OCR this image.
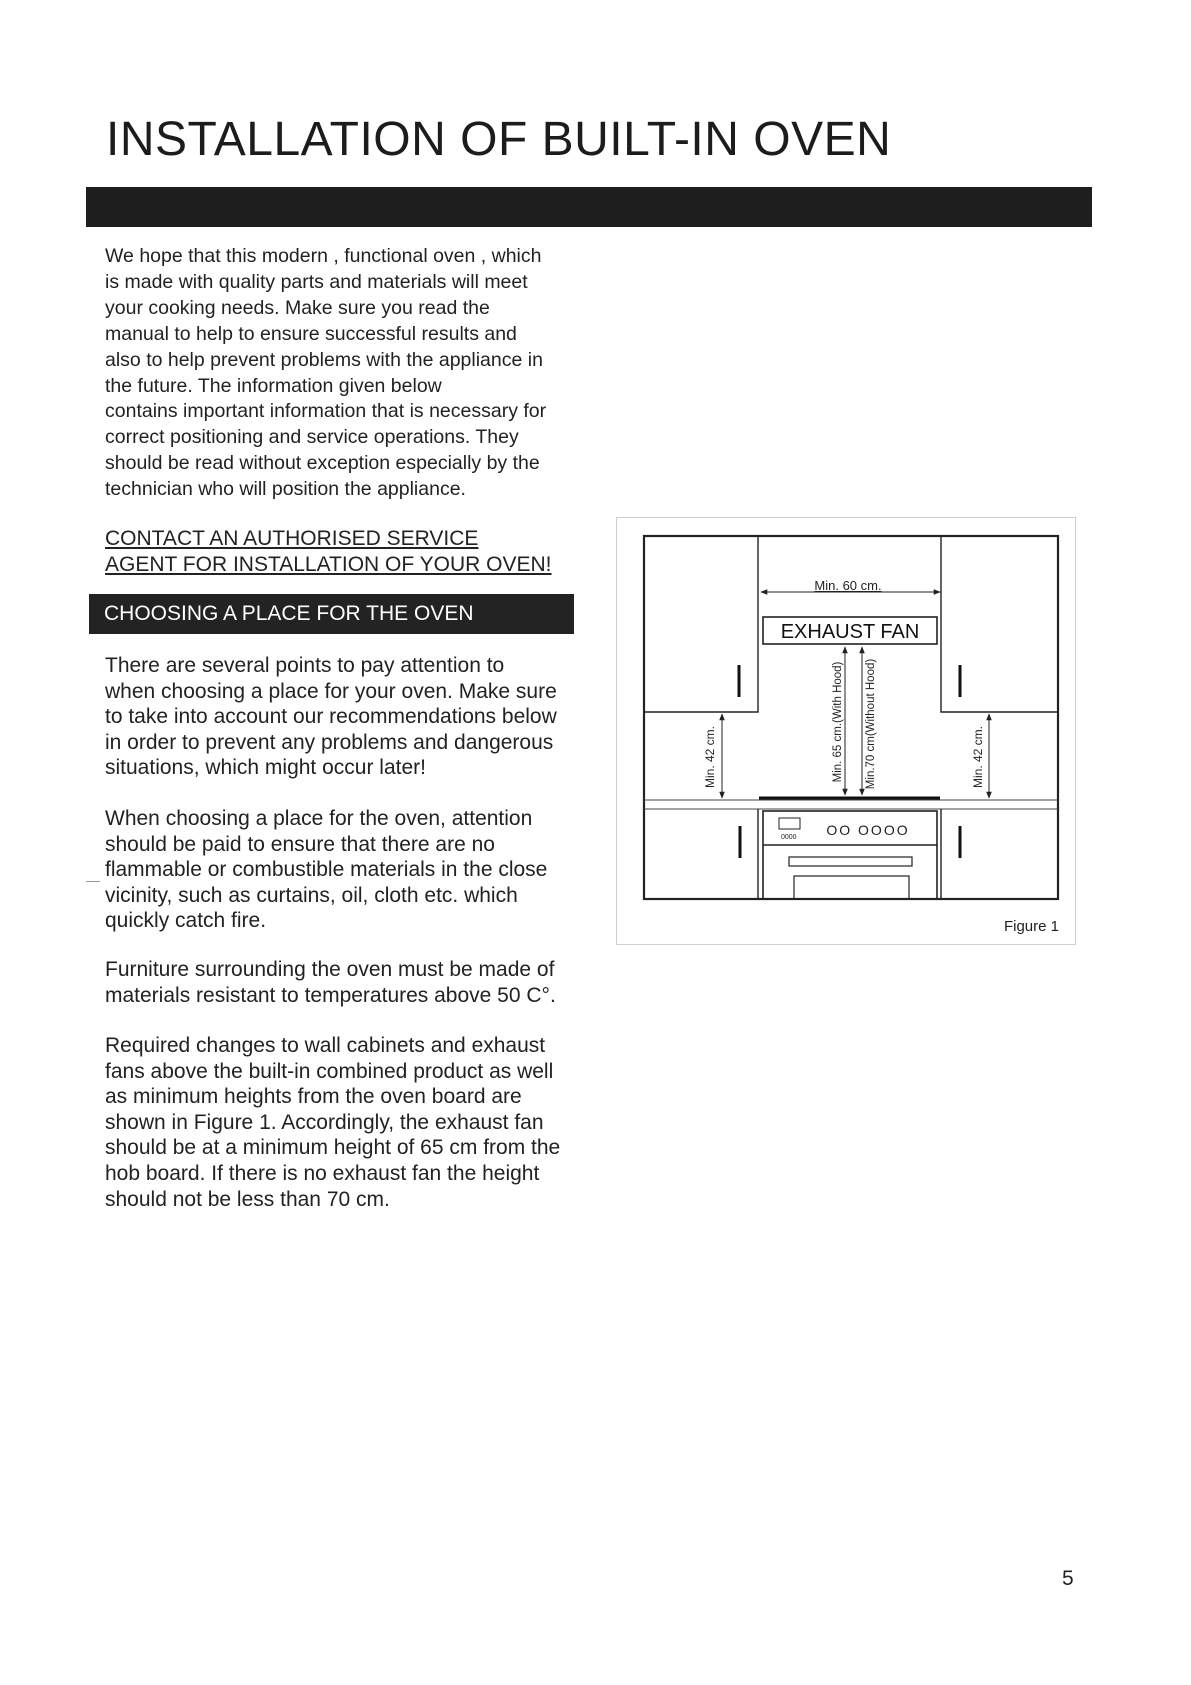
INSTALLATION OF BUILT-IN OVEN
We hope that this modern , functional oven , which
is made with quality parts and materials will meet
your cooking needs. Make sure you read the
manual to help to ensure successful results and
also to help prevent problems with the appliance in
the future. The information given below
contains important information that is necessary for
correct positioning and service operations. They
should be read without exception especially by the
technician who will position the appliance.
CONTACT AN AUTHORISED SERVICE
AGENT FOR INSTALLATION OF YOUR OVEN!
CHOOSING A PLACE FOR THE OVEN
There are several points to pay attention to
when choosing a place for your oven. Make sure
to take into account our recommendations below
in order to prevent any problems and dangerous
situations, which might occur later!
When choosing a place for the oven, attention
should be paid to ensure that there are no
flammable or combustible materials in the close
vicinity, such as curtains, oil, cloth etc. which
quickly catch fire.
Furniture surrounding the oven must be made of
materials resistant to temperatures above 50 C°.
Required changes to wall cabinets and exhaust
fans above the built-in combined product as well
as minimum heights from the oven board are
shown in Figure 1. Accordingly, the exhaust fan
should be at a minimum height of 65 cm from the
hob board. If there is no exhaust fan the height
should not be less than 70 cm.
Min. 60 cm.
EXHAUST FAN
Min. 65 cm.(With Hood) Min.70 cm(Without Hood)
Min. 42 cm.	Min. 42 cm.
0000 OO OOOO
Figure 1
5
